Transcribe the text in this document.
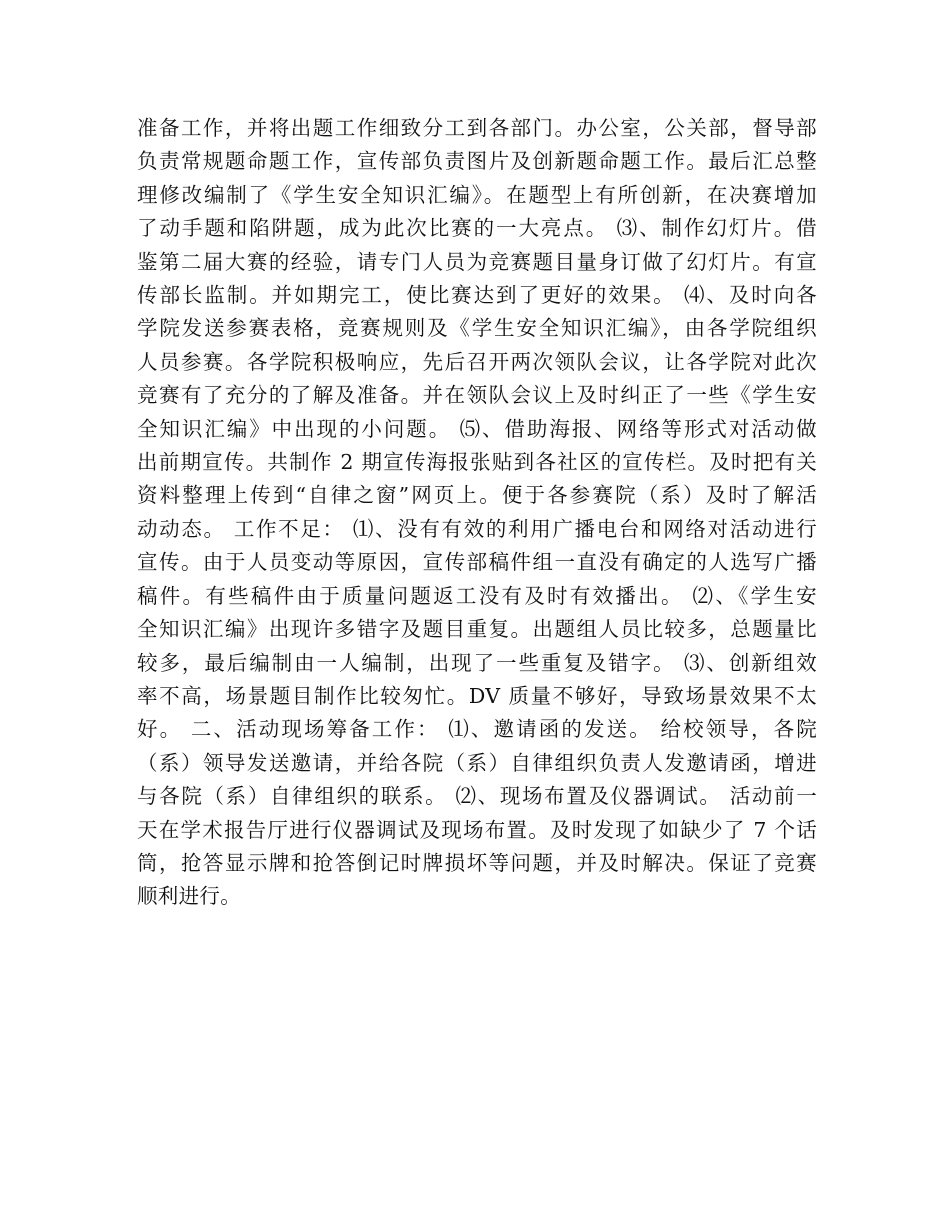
准备工作，并将出题工作细致分工到各部门。办公室，公关部，督导部
负责常规题命题工作，宣传部负责图片及创新题命题工作。最后汇总整
理修改编制了《学生安全知识汇编》。在题型上有所创新，在决赛增加
了动手题和陷阱题，成为此次比赛的一大亮点。 ⑶、制作幻灯片。借
鉴第二届大赛的经验，请专门人员为竞赛题目量身订做了幻灯片。有宣
传部长监制。并如期完工，使比赛达到了更好的效果。 ⑷、及时向各
学院发送参赛表格，竞赛规则及《学生安全知识汇编》，由各学院组织
人员参赛。各学院积极响应，先后召开两次领队会议，让各学院对此次
竞赛有了充分的了解及准备。并在领队会议上及时纠正了一些《学生安
全知识汇编》中出现的小问题。 ⑸、借助海报、网络等形式对活动做
出前期宣传。共制作 2 期宣传海报张贴到各社区的宣传栏。及时把有关
资料整理上传到“自律之窗”网页上。便于各参赛院（系）及时了解活
动动态。 工作不足： ⑴、没有有效的利用广播电台和网络对活动进行
宣传。由于人员变动等原因，宣传部稿件组一直没有确定的人选写广播
稿件。有些稿件由于质量问题返工没有及时有效播出。 ⑵、《学生安
全知识汇编》出现许多错字及题目重复。出题组人员比较多，总题量比
较多，最后编制由一人编制，出现了一些重复及错字。 ⑶、创新组效
率不高，场景题目制作比较匆忙。DV 质量不够好，导致场景效果不太
好。 二、活动现场筹备工作： ⑴、邀请函的发送。 给校领导，各院
（系）领导发送邀请，并给各院（系）自律组织负责人发邀请函，增进
与各院（系）自律组织的联系。 ⑵、现场布置及仪器调试。 活动前一
天在学术报告厅进行仪器调试及现场布置。及时发现了如缺少了 7 个话
筒，抢答显示牌和抢答倒记时牌损坏等问题，并及时解决。保证了竞赛
顺利进行。
